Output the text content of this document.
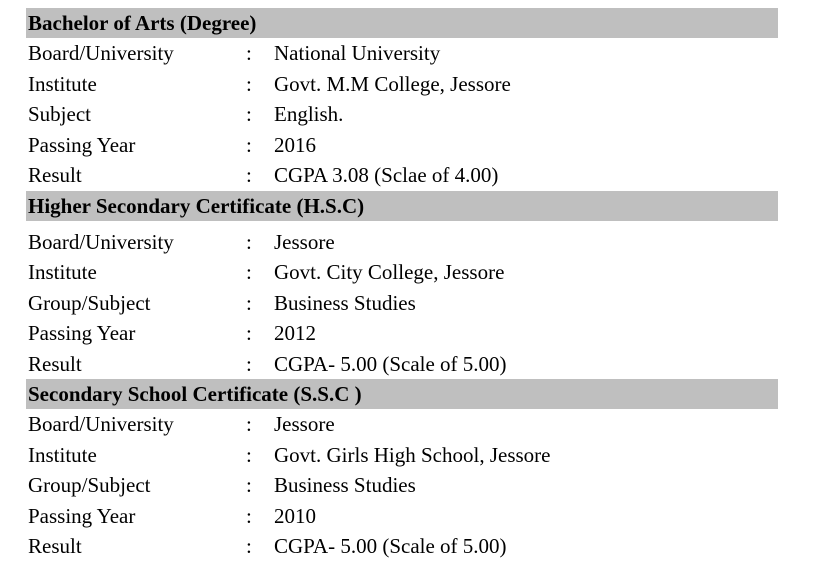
Bachelor of Arts (Degree)
Board/University	:	National University
Institute	:	Govt. M.M College, Jessore
Subject	:	English.
Passing Year	:	2016
Result	:	CGPA 3.08 (Sclae of 4.00)
Higher Secondary Certificate (H.S.C)
Board/University	:	Jessore
Institute	:	Govt. City College, Jessore
Group/Subject	:	Business Studies
Passing Year	:	2012
Result	:	CGPA- 5.00 (Scale of 5.00)
Secondary School Certificate (S.S.C )
Board/University	:	Jessore
Institute	:	Govt. Girls High School, Jessore
Group/Subject	:	Business Studies
Passing Year	:	2010
Result	:	CGPA- 5.00 (Scale of 5.00)
